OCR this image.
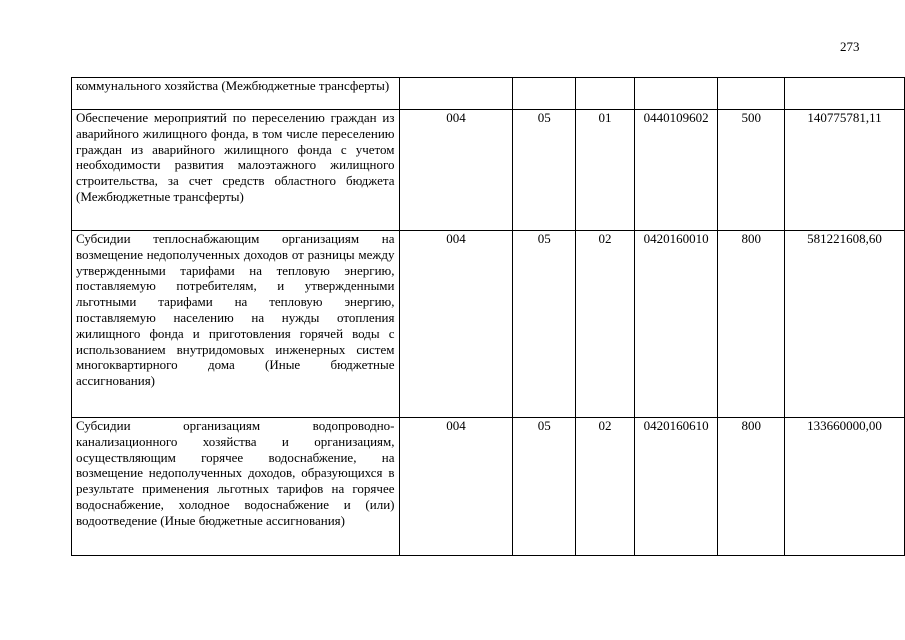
273
коммунального хозяйства (Межбюджетные трансферты)						
Обеспечение мероприятий по переселению граждан из аварийного жилищного фонда, в том числе переселению граждан из аварийного жилищного фонда с учетом необходимости развития малоэтажного жилищного строительства, за счет средств областного бюджета (Межбюджетные трансферты)	004	05	01	0440109602	500	140775781,11
Субсидии теплоснабжающим организациям на возмещение недополученных доходов от разницы между утвержденными тарифами на тепловую энергию, поставляемую потребителям, и утвержденными льготными тарифами на тепловую энергию, поставляемую населению на нужды отопления жилищного фонда и приготовления горячей воды с использованием внутридомовых инженерных систем многоквартирного дома (Иные бюджетные ассигнования)	004	05	02	0420160010	800	581221608,60
Субсидии организациям водопроводно-канализационного хозяйства и организациям, осуществляющим горячее водоснабжение, на возмещение недополученных доходов, образующихся в результате применения льготных тарифов на горячее водоснабжение, холодное водоснабжение и (или) водоотведение (Иные бюджетные ассигнования)	004	05	02	0420160610	800	133660000,00
